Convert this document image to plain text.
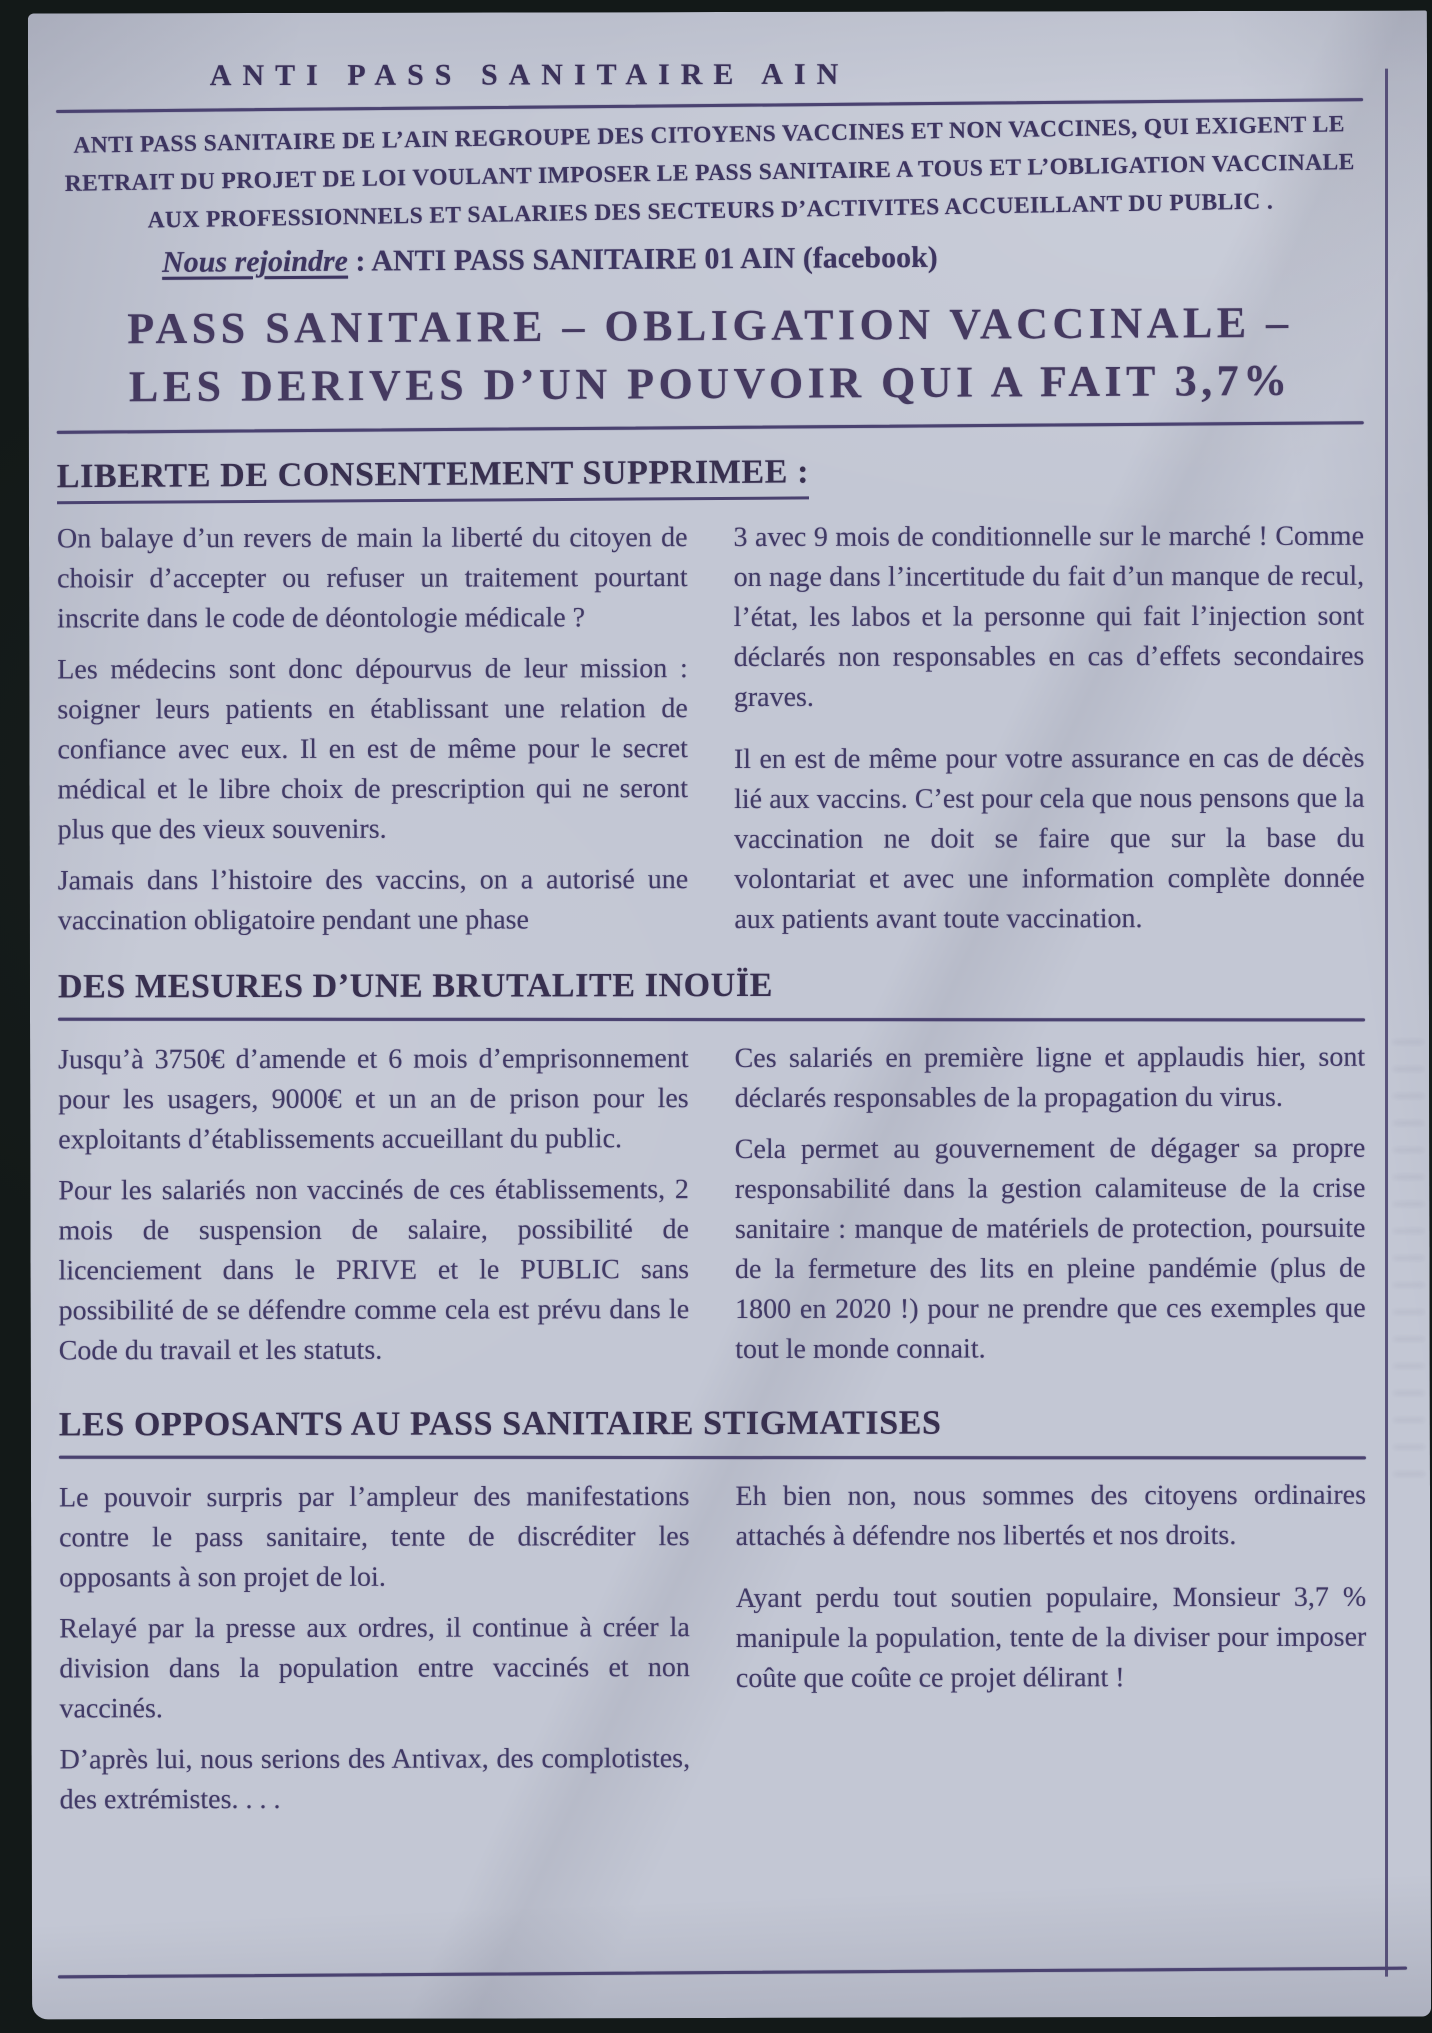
ANTI PASS SANITAIRE AIN
ANTI PASS SANITAIRE DE L’AIN REGROUPE DES CITOYENS VACCINES ET NON VACCINES, QUI EXIGENT LE
RETRAIT DU PROJET DE LOI VOULANT IMPOSER LE PASS SANITAIRE A TOUS ET L’OBLIGATION VACCINALE
AUX PROFESSIONNELS ET SALARIES DES SECTEURS D’ACTIVITES ACCUEILLANT DU PUBLIC .
Nous rejoindre : ANTI PASS SANITAIRE 01 AIN (facebook)
PASS SANITAIRE – OBLIGATION VACCINALE –
LES DERIVES D’UN POUVOIR QUI A FAIT 3,7%
LIBERTE DE CONSENTEMENT SUPPRIMEE :

On balaye d’un revers de main la liberté du citoyen de choisir d’accepter ou refuser un traitement pourtant inscrite dans le code de déontologie médicale ?

Les médecins sont donc dépourvus de leur mission : soigner leurs patients en établissant une relation de confiance avec eux. Il en est de même pour le secret médical et le libre choix de prescription qui ne seront plus que des vieux souvenirs.

Jamais dans l’histoire des vaccins, on a autorisé une vaccination obligatoire pendant une phase

3 avec 9 mois de conditionnelle sur le marché ! Comme on nage dans l’incertitude du fait d’un manque de recul, l’état, les labos et la personne qui fait l’injection sont déclarés non responsables en cas d’effets secondaires graves.

Il en est de même pour votre assurance en cas de décès lié aux vaccins. C’est pour cela que nous pensons que la vaccination ne doit se faire que sur la base du volontariat et avec une information complète donnée aux patients avant toute vaccination.

DES MESURES D’UNE BRUTALITE INOUÏE

Jusqu’à 3750€ d’amende et 6 mois d’emprisonnement pour les usagers, 9000€ et un an de prison pour les exploitants d’établissements accueillant du public.

Pour les salariés non vaccinés de ces établissements, 2 mois de suspension de salaire, possibilité de licenciement dans le PRIVE et le PUBLIC sans possibilité de se défendre comme cela est prévu dans le Code du travail et les statuts.

Ces salariés en première ligne et applaudis hier, sont déclarés responsables de la propagation du virus.

Cela permet au gouvernement de dégager sa propre responsabilité dans la gestion calamiteuse de la crise sanitaire : manque de matériels de protection, poursuite de la fermeture des lits en pleine pandémie (plus de 1800 en 2020 !) pour ne prendre que ces exemples que tout le monde connait.

LES OPPOSANTS AU PASS SANITAIRE STIGMATISES

Le pouvoir surpris par l’ampleur des manifestations contre le pass sanitaire, tente de discréditer les opposants à son projet de loi.

Relayé par la presse aux ordres, il continue à créer la division dans la population entre vaccinés et non vaccinés.

D’après lui, nous serions des Antivax, des complotistes, des extrémistes. . . .

Eh bien non, nous sommes des citoyens ordinaires attachés à défendre nos libertés et nos droits.

Ayant perdu tout soutien populaire, Monsieur 3,7 % manipule la population, tente de la diviser pour imposer coûte que coûte ce projet délirant !
